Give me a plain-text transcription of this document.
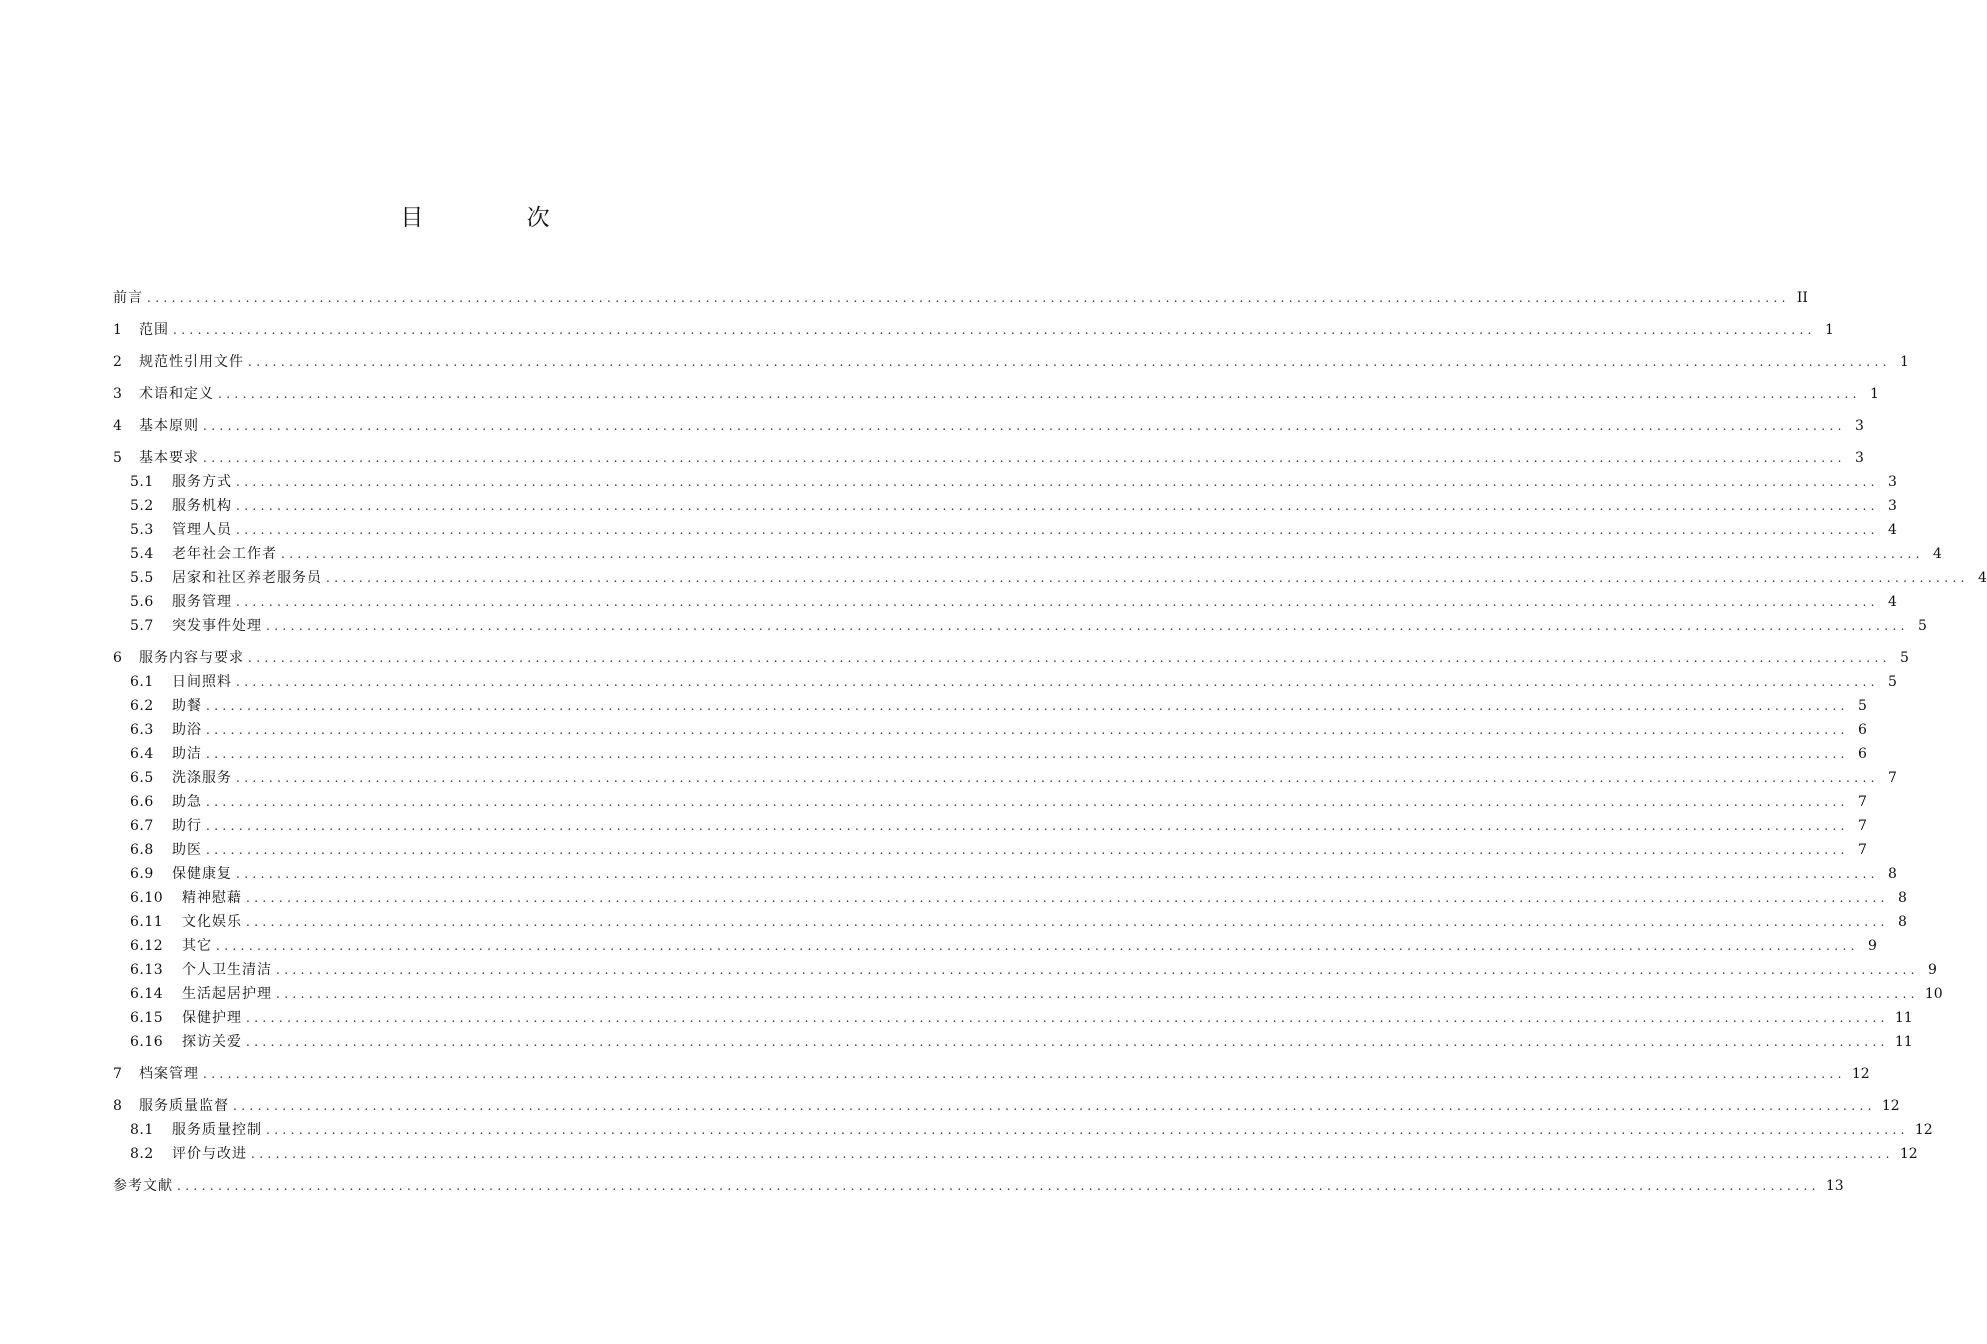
目 次
前言 ........................................................................................................................................................................................................ II
1	范围 ........................................................................................................................................................................................................ 1
2	规范性引用文件 ........................................................................................................................................................................................................ 1
3	术语和定义 ........................................................................................................................................................................................................ 1
4	基本原则 ........................................................................................................................................................................................................ 3
5	基本要求 ........................................................................................................................................................................................................ 3
5.1	服务方式 ........................................................................................................................................................................................................ 3
5.2	服务机构 ........................................................................................................................................................................................................ 3
5.3	管理人员 ........................................................................................................................................................................................................ 4
5.4	老年社会工作者 ........................................................................................................................................................................................................ 4
5.5	居家和社区养老服务员 ........................................................................................................................................................................................................ 4
5.6	服务管理 ........................................................................................................................................................................................................ 4
5.7	突发事件处理 ........................................................................................................................................................................................................ 5
6	服务内容与要求 ........................................................................................................................................................................................................ 5
6.1	日间照料 ........................................................................................................................................................................................................ 5
6.2	助餐 ........................................................................................................................................................................................................ 5
6.3	助浴 ........................................................................................................................................................................................................ 6
6.4	助洁 ........................................................................................................................................................................................................ 6
6.5	洗涤服务 ........................................................................................................................................................................................................ 7
6.6	助急 ........................................................................................................................................................................................................ 7
6.7	助行 ........................................................................................................................................................................................................ 7
6.8	助医 ........................................................................................................................................................................................................ 7
6.9	保健康复 ........................................................................................................................................................................................................ 8
6.10	精神慰藉 ........................................................................................................................................................................................................ 8
6.11	文化娱乐 ........................................................................................................................................................................................................ 8
6.12	其它 ........................................................................................................................................................................................................ 9
6.13	个人卫生清洁 ........................................................................................................................................................................................................ 9
6.14	生活起居护理 ........................................................................................................................................................................................................ 10
6.15	保健护理 ........................................................................................................................................................................................................ 11
6.16	探访关爱 ........................................................................................................................................................................................................ 11
7	档案管理 ........................................................................................................................................................................................................ 12
8	服务质量监督 ........................................................................................................................................................................................................ 12
8.1	服务质量控制 ........................................................................................................................................................................................................ 12
8.2	评价与改进 ........................................................................................................................................................................................................ 12
参考文献 ........................................................................................................................................................................................................ 13
